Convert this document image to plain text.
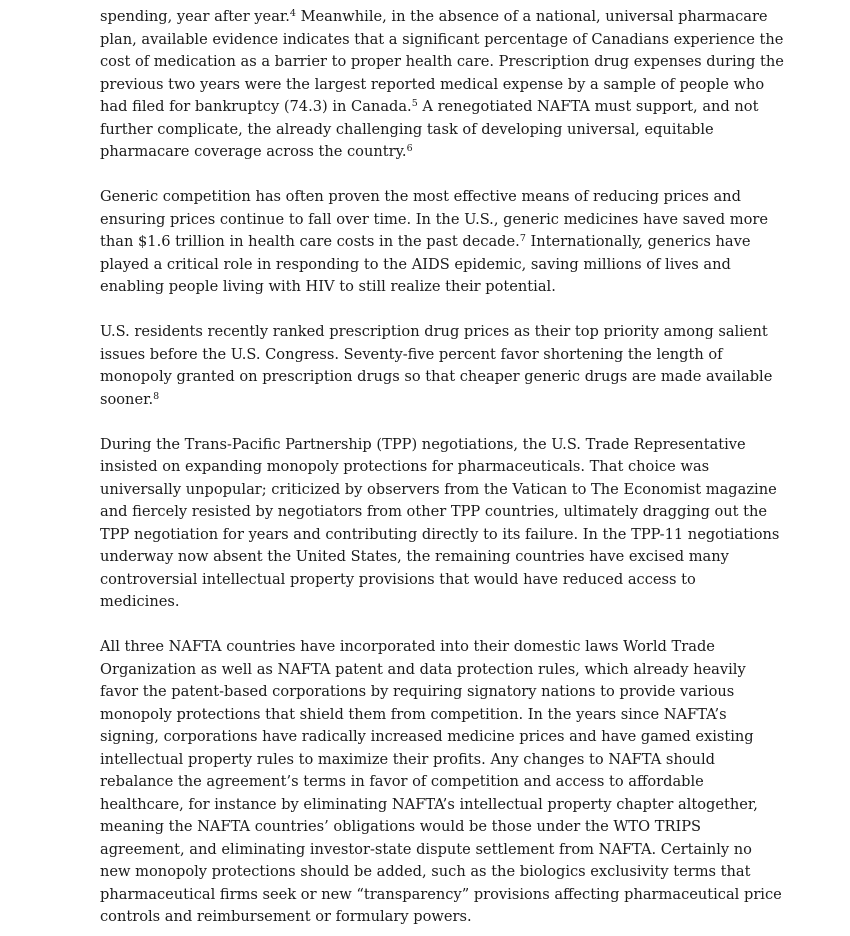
spending, year after year.$^4$ Meanwhile, in the absence of a national, universal pharmacare
plan, available evidence indicates that a significant percentage of Canadians experience the
cost of medication as a barrier to proper health care. Prescription drug expenses during the
previous two years were the largest reported medical expense by a sample of people who
had filed for bankruptcy (74.3) in Canada.$^5$ A renegotiated NAFTA must support, and not
further complicate, the already challenging task of developing universal, equitable
pharmacare coverage across the country.$^6$

Generic competition has often proven the most effective means of reducing prices and
ensuring prices continue to fall over time. In the U.S., generic medicines have saved more
than $1.6 trillion in health care costs in the past decade.$^7$ Internationally, generics have
played a critical role in responding to the AIDS epidemic, saving millions of lives and
enabling people living with HIV to still realize their potential.

U.S. residents recently ranked prescription drug prices as their top priority among salient
issues before the U.S. Congress. Seventy-five percent favor shortening the length of
monopoly granted on prescription drugs so that cheaper generic drugs are made available
sooner.$^8$

During the Trans-Pacific Partnership (TPP) negotiations, the U.S. Trade Representative
insisted on expanding monopoly protections for pharmaceuticals. That choice was
universally unpopular; criticized by observers from the Vatican to The Economist magazine
and fiercely resisted by negotiators from other TPP countries, ultimately dragging out the
TPP negotiation for years and contributing directly to its failure. In the TPP-11 negotiations
underway now absent the United States, the remaining countries have excised many
controversial intellectual property provisions that would have reduced access to
medicines.

All three NAFTA countries have incorporated into their domestic laws World Trade
Organization as well as NAFTA patent and data protection rules, which already heavily
favor the patent-based corporations by requiring signatory nations to provide various
monopoly protections that shield them from competition. In the years since NAFTA’s
signing, corporations have radically increased medicine prices and have gamed existing
intellectual property rules to maximize their profits. Any changes to NAFTA should
rebalance the agreement’s terms in favor of competition and access to affordable
healthcare, for instance by eliminating NAFTA’s intellectual property chapter altogether,
meaning the NAFTA countries’ obligations would be those under the WTO TRIPS
agreement, and eliminating investor-state dispute settlement from NAFTA. Certainly no
new monopoly protections should be added, such as the biologics exclusivity terms that
pharmaceutical firms seek or new “transparency” provisions affecting pharmaceutical price
controls and reimbursement or formulary powers.
